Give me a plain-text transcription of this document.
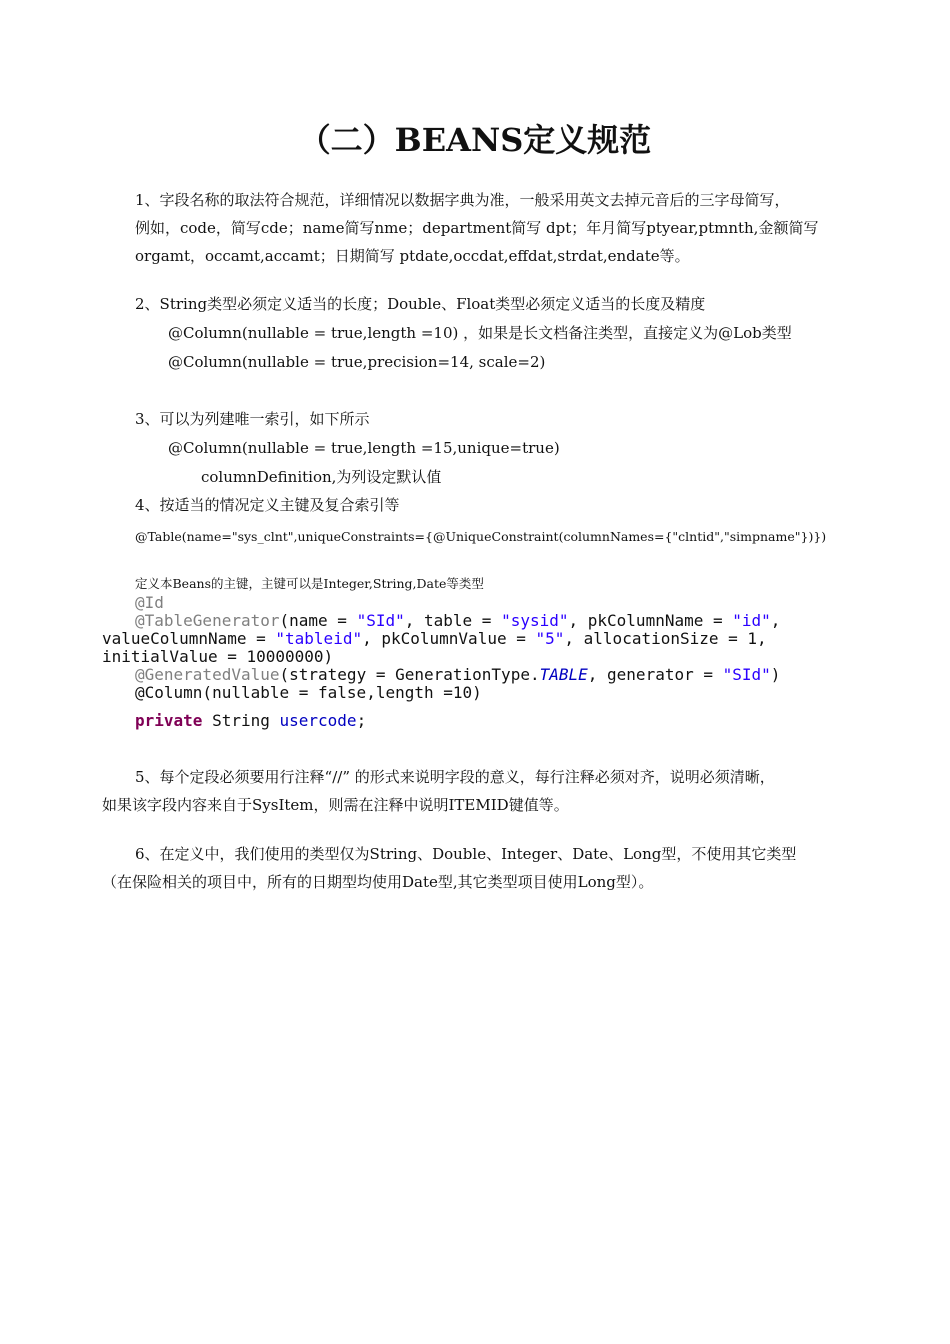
（二）BEANS定义规范
1、字段名称的取法符合规范，详细情况以数据字典为准，一般采用英文去掉元音后的三字母简写，
例如，code，简写cde；name简写nme；department简写 dpt；年月简写ptyear,ptmnth,金额简写
orgamt，occamt,accamt；日期简写 ptdate,occdat,effdat,strdat,endate等。
2、String类型必须定义适当的长度；Double、Float类型必须定义适当的长度及精度
@Column(nullable = true,length =10) ，如果是长文档备注类型，直接定义为@Lob类型
@Column(nullable = true,precision=14, scale=2)
3、可以为列建唯一索引，如下所示
@Column(nullable = true,length =15,unique=true)
columnDefinition,为列设定默认值
4、按适当的情况定义主键及复合索引等
@Table(name="sys_clnt",uniqueConstraints={@UniqueConstraint(columnNames={"clntid","simpname"})})
定义本Beans的主键，主键可以是Integer,String,Date等类型
@Id
@TableGenerator(name = "SId", table = "sysid", pkColumnName = "id",
valueColumnName = "tableid", pkColumnValue = "5", allocationSize = 1,
initialValue = 10000000)
@GeneratedValue(strategy = GenerationType.TABLE, generator = "SId")
@Column(nullable = false,length =10)
private String usercode;
5、每个定段必须要用行注释“//” 的形式来说明字段的意义，每行注释必须对齐，说明必须清晰，
如果该字段内容来自于SysItem，则需在注释中说明ITEMID键值等。
6、在定义中，我们使用的类型仅为String、Double、Integer、Date、Long型，不使用其它类型
（在保险相关的项目中，所有的日期型均使用Date型,其它类型项目使用Long型）。
